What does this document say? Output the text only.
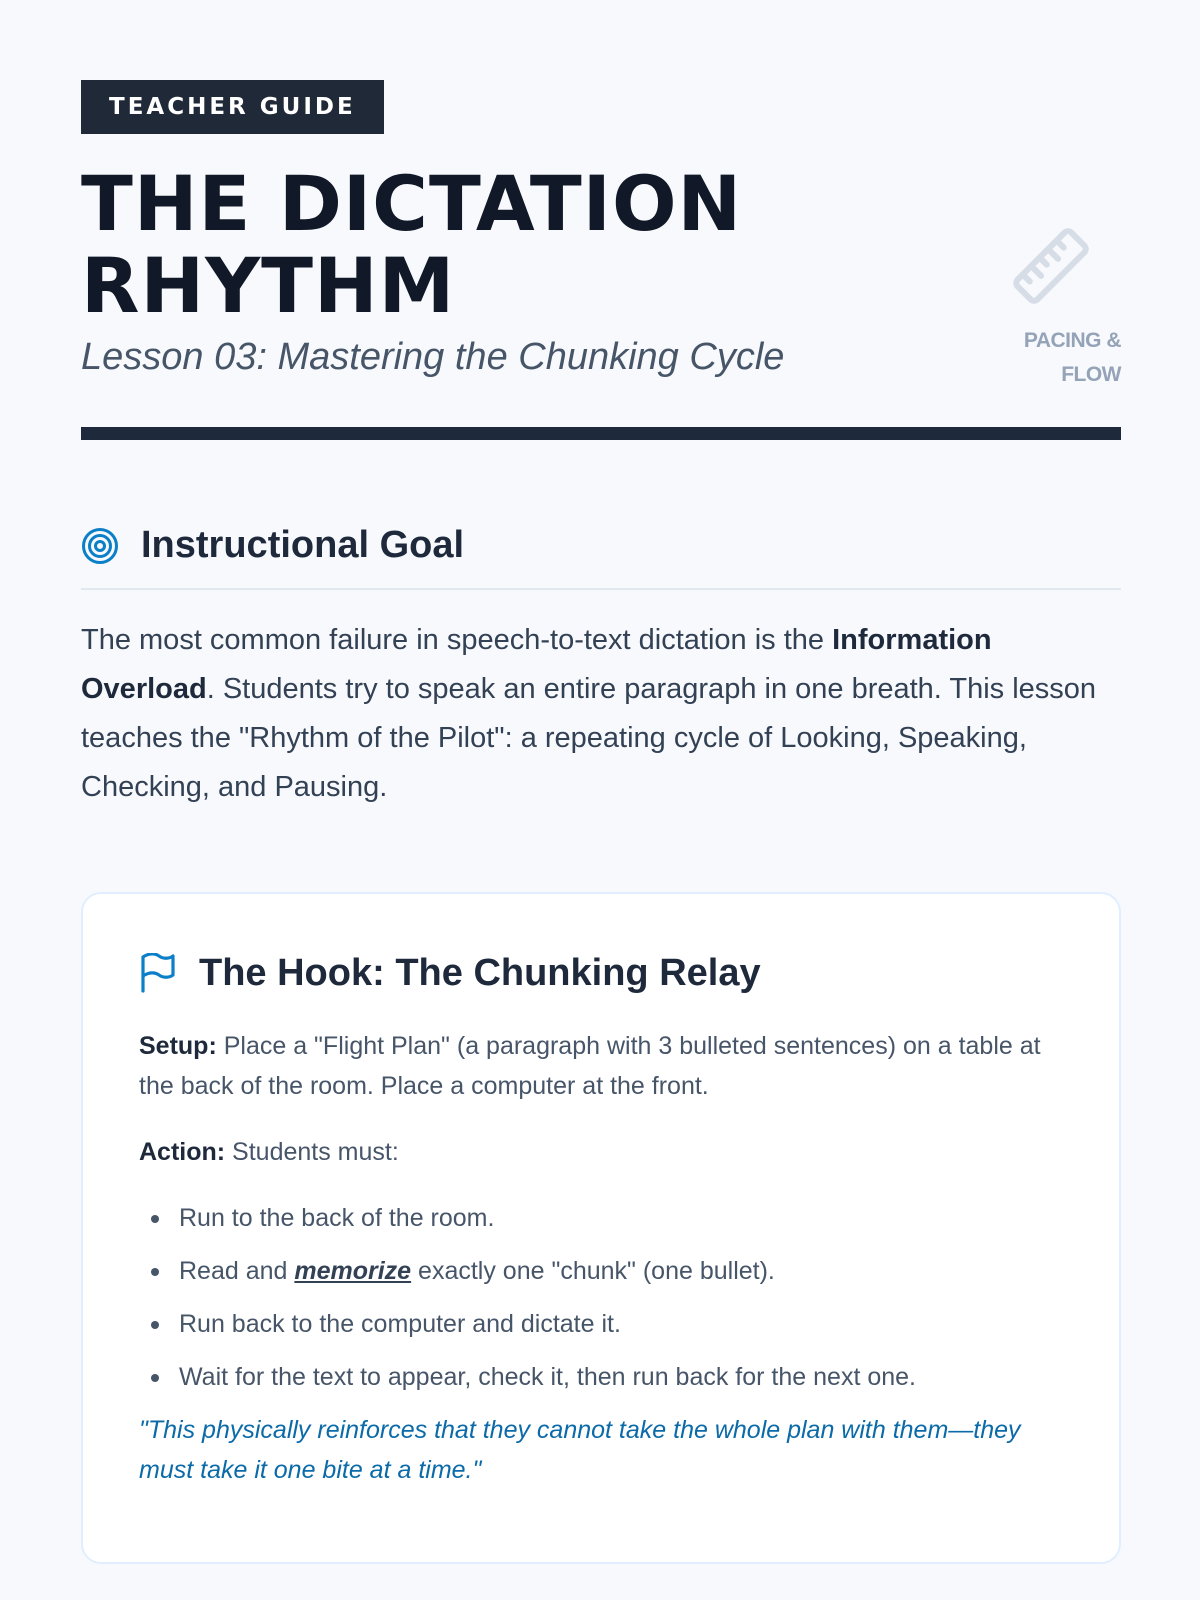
TEACHER GUIDE
THE DICTATION RHYTHM

Lesson 03: Mastering the Chunking Cycle	PACING &
FLOW
Instructional Goal

The most common failure in speech-to-text dictation is the Information Overload. Students try to speak an entire paragraph in one breath. This lesson teaches the "Rhythm of the Pilot": a repeating cycle of Looking, Speaking, Checking, and Pausing.

The Hook: The Chunking Relay

Setup: Place a "Flight Plan" (a paragraph with 3 bulleted sentences) on a table at the back of the room. Place a computer at the front.

Action: Students must:

Run to the back of the room.
Read and memorize exactly one "chunk" (one bullet).
Run back to the computer and dictate it.
Wait for the text to appear, check it, then run back for the next one.

"This physically reinforces that they cannot take the whole plan with them—they must take it one bite at a time."
